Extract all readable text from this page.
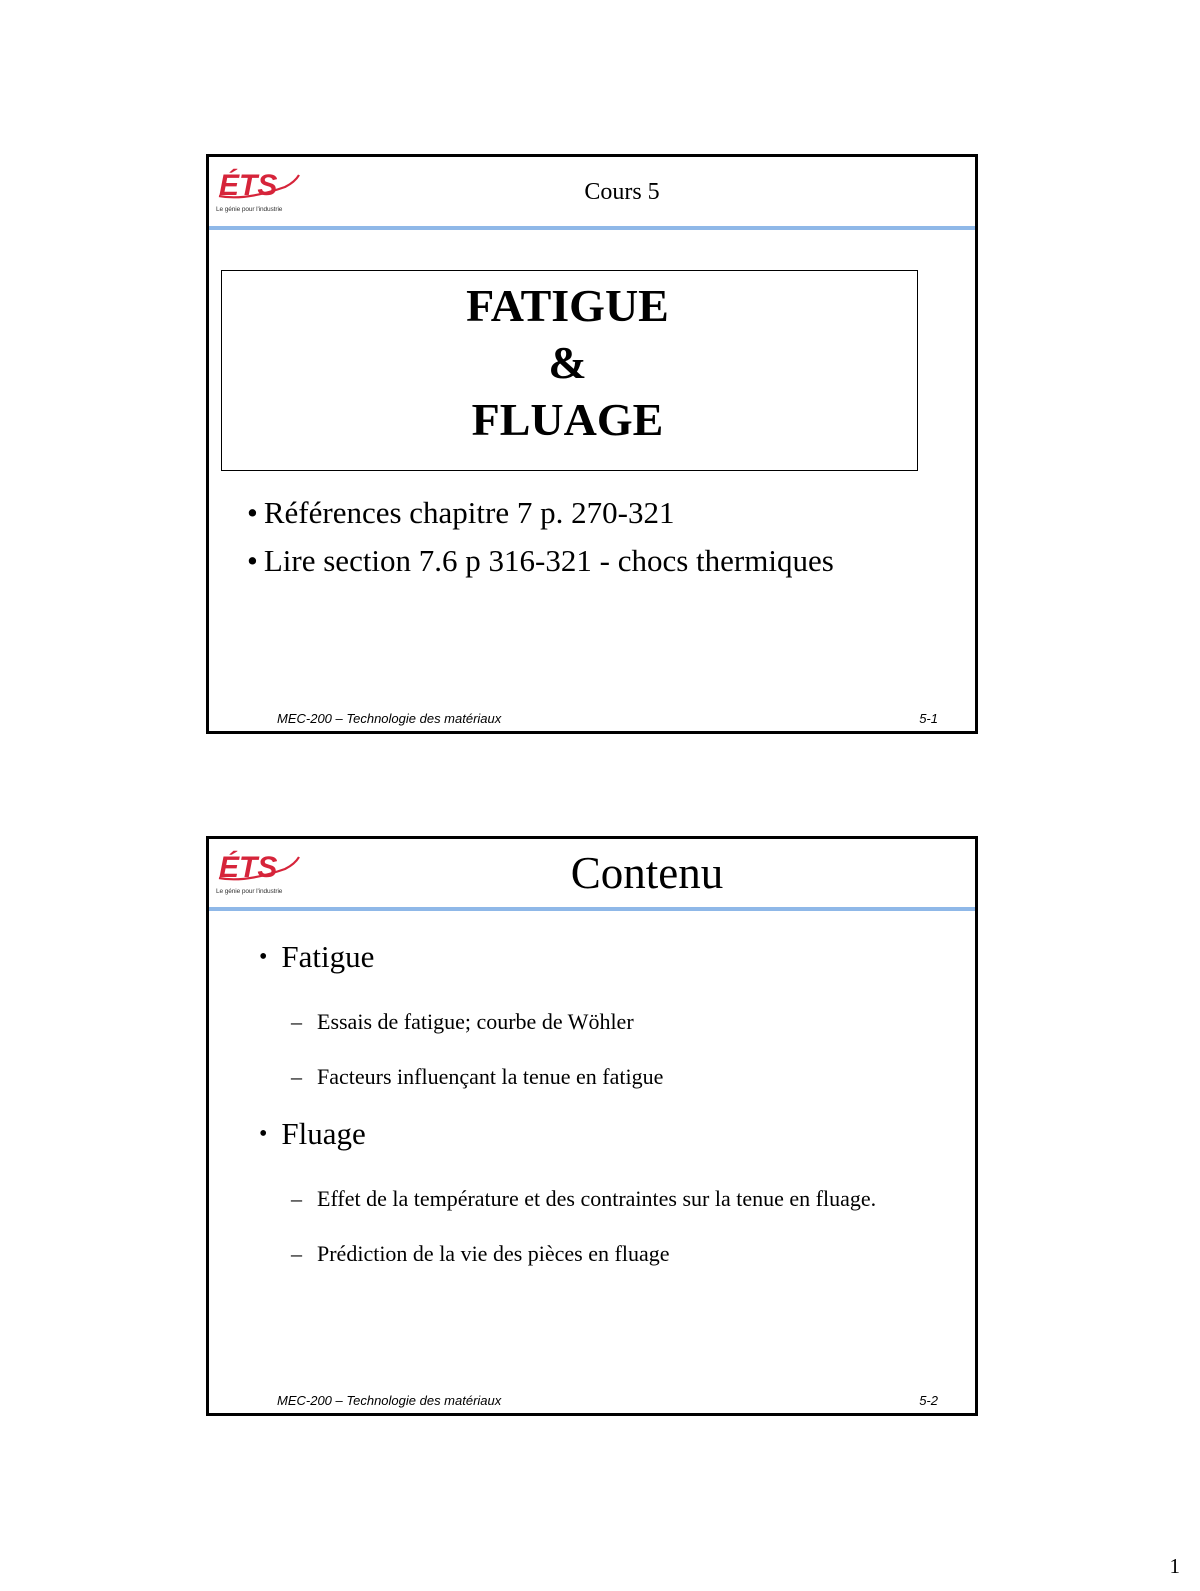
ÉTS
Le génie pour l'industrie
Cours 5
FATIGUE
&
FLUAGE
• Références chapitre 7 p. 270-321
• Lire section 7.6 p 316-321 - chocs thermiques
MEC-200 – Technologie des matériaux	5-1
ÉTS
Le génie pour l'industrie	Contenu
• Fatigue
– Essais de fatigue; courbe de Wöhler
– Facteurs influençant la tenue en fatigue
• Fluage
– Effet de la température et des contraintes sur la tenue en fluage.
– Prédiction de la vie des pièces en fluage
MEC-200 – Technologie des matériaux	5-2
1
